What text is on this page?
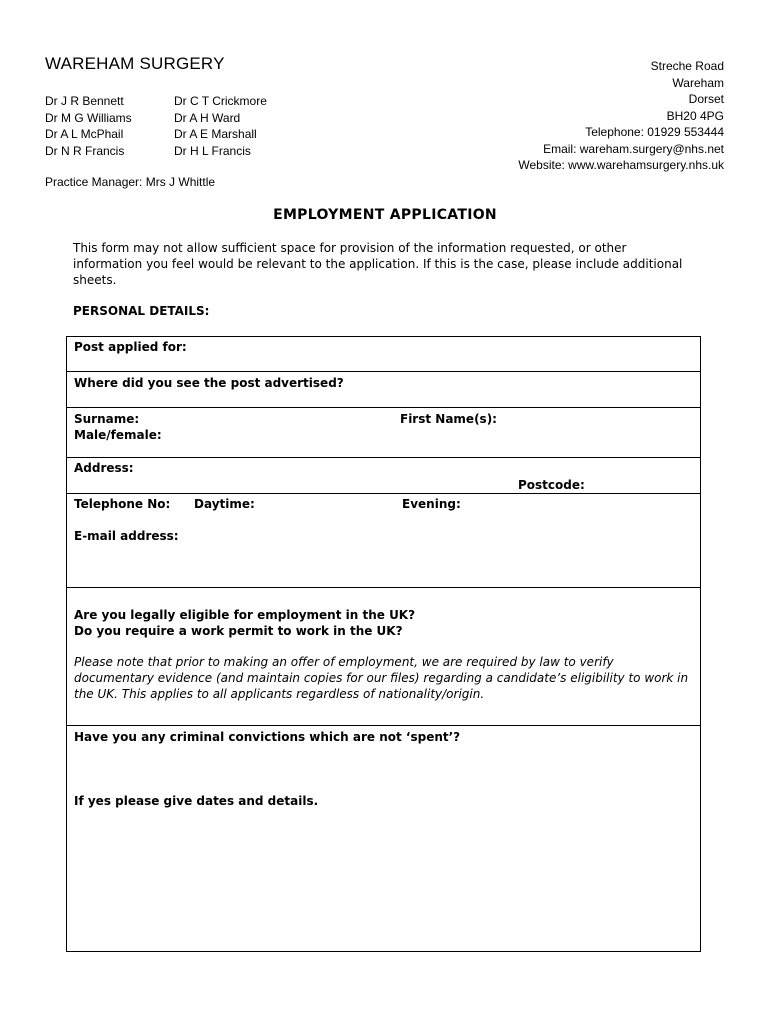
WAREHAM SURGERY
Dr J R Bennett
Dr M G Williams
Dr A L McPhail
Dr N R Francis
Dr C T Crickmore
Dr A H Ward
Dr A E Marshall
Dr H L Francis
Streche Road
Wareham
Dorset
BH20 4PG
Telephone: 01929 553444
Email: wareham.surgery@nhs.net
Website: www.warehamsurgery.nhs.uk
Practice Manager: Mrs J Whittle
EMPLOYMENT APPLICATION
This form may not allow sufficient space for provision of the information requested, or other information you feel would be relevant to the application. If this is the case, please include additional sheets.
PERSONAL DETAILS:
Post applied for:
Where did you see the post advertised?
Surname:	First Name(s):
Male/female:
Address:
Postcode:
Telephone No: Daytime:	Evening:
E-mail address:
Are you legally eligible for employment in the UK?
Do you require a work permit to work in the UK?
Please note that prior to making an offer of employment, we are required by law to verify documentary evidence (and maintain copies for our files) regarding a candidate’s eligibility to work in the UK. This applies to all applicants regardless of nationality/origin.
Have you any criminal convictions which are not ‘spent’?
If yes please give dates and details.
